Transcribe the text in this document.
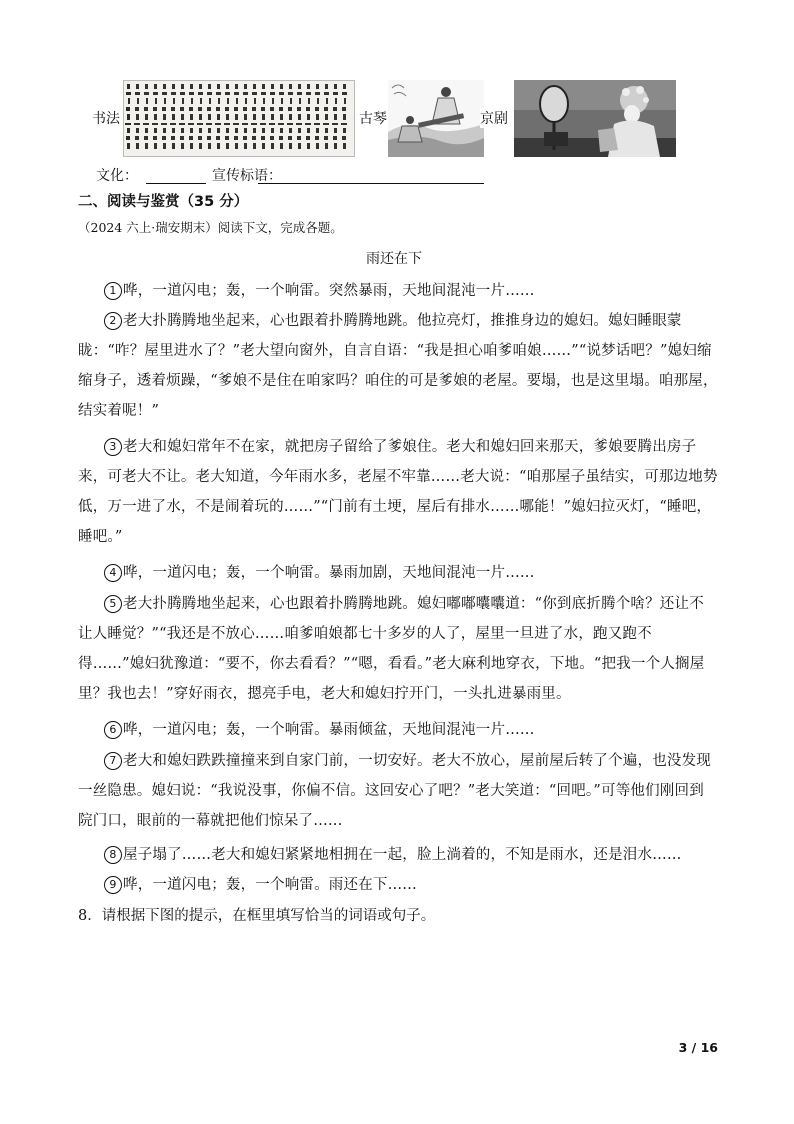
书法	古琴	京剧
文化：	宣传标语：
二、阅读与鉴赏（35 分）
（2024 六上·瑞安期末）阅读下文，完成各题。
雨还在下
1 哗，一道闪电；轰，一个响雷。突然暴雨，天地间混沌一片……
2 老大扑腾腾地坐起来，心也跟着扑腾腾地跳。他拉亮灯，推推身边的媳妇。媳妇睡眼蒙眬：“咋？屋里进水了？”老大望向窗外，自言自语：“我是担心咱爹咱娘……”“说梦话吧？”媳妇缩缩身子，透着烦躁，“爹娘不是住在咱家吗？咱住的可是爹娘的老屋。要塌，也是这里塌。咱那屋，结实着呢！”
3 老大和媳妇常年不在家，就把房子留给了爹娘住。老大和媳妇回来那天，爹娘要腾出房子来，可老大不让。老大知道，今年雨水多，老屋不牢靠……老大说：“咱那屋子虽结实，可那边地势低，万一进了水，不是闹着玩的……”“门前有土埂，屋后有排水……哪能！”媳妇拉灭灯，“睡吧，睡吧。”
4 哗，一道闪电；轰，一个响雷。暴雨加剧，天地间混沌一片……
5 老大扑腾腾地坐起来，心也跟着扑腾腾地跳。媳妇嘟嘟囔囔道：“你到底折腾个啥？还让不让人睡觉？”“我还是不放心……咱爹咱娘都七十多岁的人了，屋里一旦进了水，跑又跑不得……”媳妇犹豫道：“要不，你去看看？”“嗯，看看。”老大麻利地穿衣，下地。“把我一个人搁屋里？我也去！”穿好雨衣，摁亮手电，老大和媳妇拧开门，一头扎进暴雨里。
6 哗，一道闪电；轰，一个响雷。暴雨倾盆，天地间混沌一片……
7 老大和媳妇跌跌撞撞来到自家门前，一切安好。老大不放心，屋前屋后转了个遍，也没发现一丝隐患。媳妇说：“我说没事，你偏不信。这回安心了吧？”老大笑道：“回吧。”可等他们刚回到院门口，眼前的一幕就把他们惊呆了……
8 屋子塌了……老大和媳妇紧紧地相拥在一起，脸上淌着的，不知是雨水，还是泪水……
9 哗，一道闪电；轰，一个响雷。雨还在下……
8．请根据下图的提示，在框里填写恰当的词语或句子。
3 / 16
